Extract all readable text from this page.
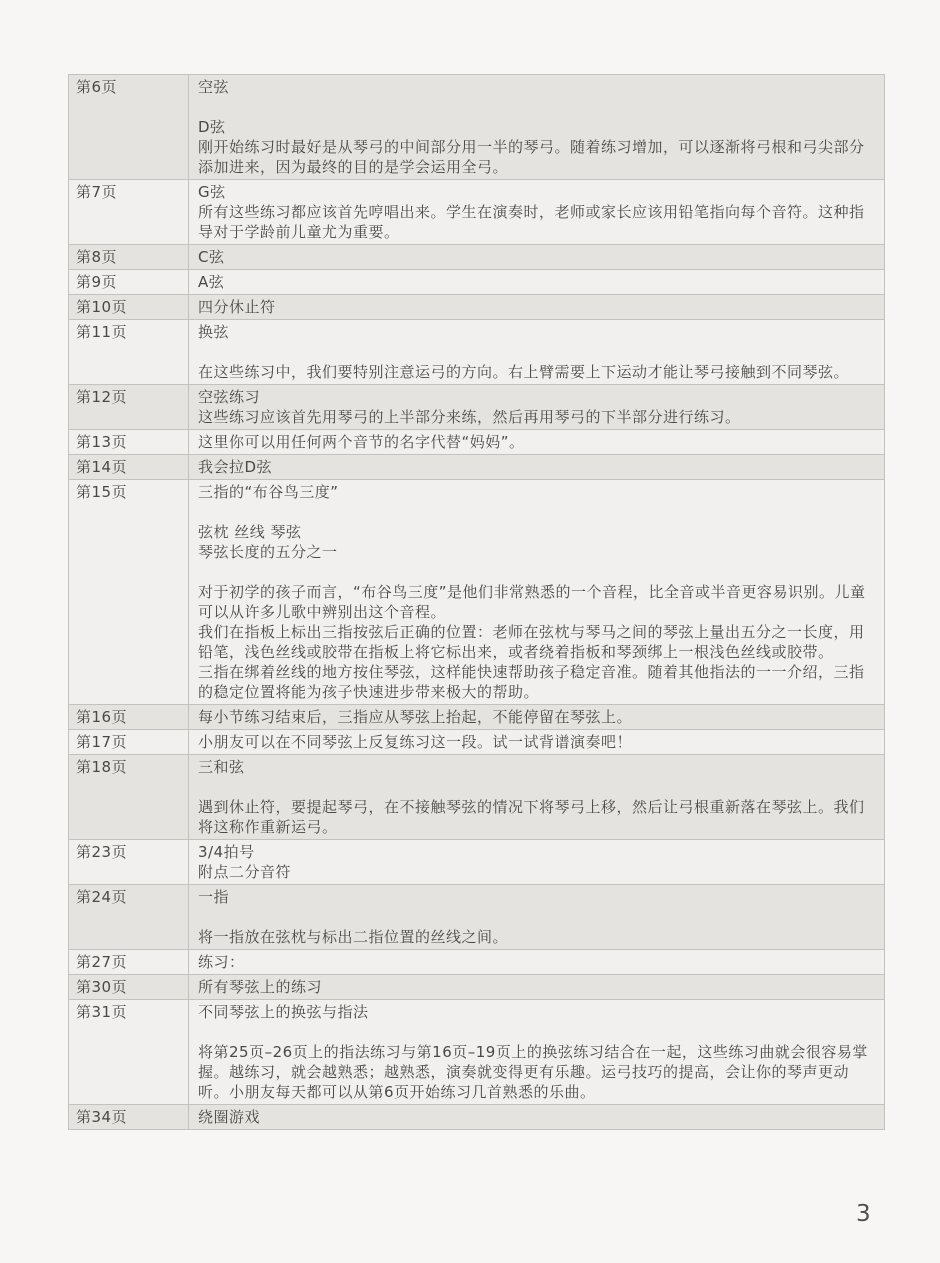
第6页	空弦
D弦
刚开始练习时最好是从琴弓的中间部分用一半的琴弓。随着练习增加，可以逐渐将弓根和弓尖部分添加进来，因为最终的目的是学会运用全弓。
第7页	G弦
所有这些练习都应该首先哼唱出来。学生在演奏时，老师或家长应该用铅笔指向每个音符。这种指导对于学龄前儿童尤为重要。
第8页	C弦
第9页	A弦
第10页	四分休止符
第11页	换弦
在这些练习中，我们要特别注意运弓的方向。右上臂需要上下运动才能让琴弓接触到不同琴弦。
第12页	空弦练习
这些练习应该首先用琴弓的上半部分来练，然后再用琴弓的下半部分进行练习。
第13页	这里你可以用任何两个音节的名字代替“妈妈”。
第14页	我会拉D弦
第15页	三指的“布谷鸟三度”
弦枕 丝线 琴弦
琴弦长度的五分之一
对于初学的孩子而言，“布谷鸟三度”是他们非常熟悉的一个音程，比全音或半音更容易识别。儿童可以从许多儿歌中辨别出这个音程。
我们在指板上标出三指按弦后正确的位置：老师在弦枕与琴马之间的琴弦上量出五分之一长度，用铅笔，浅色丝线或胶带在指板上将它标出来，或者绕着指板和琴颈绑上一根浅色丝线或胶带。
三指在绑着丝线的地方按住琴弦，这样能快速帮助孩子稳定音准。随着其他指法的一一介绍，三指的稳定位置将能为孩子快速进步带来极大的帮助。
第16页	每小节练习结束后，三指应从琴弦上抬起，不能停留在琴弦上。
第17页	小朋友可以在不同琴弦上反复练习这一段。试一试背谱演奏吧！
第18页	三和弦
遇到休止符，要提起琴弓，在不接触琴弦的情况下将琴弓上移，然后让弓根重新落在琴弦上。我们将这称作重新运弓。
第23页	3/4拍号
附点二分音符
第24页	一指
将一指放在弦枕与标出二指位置的丝线之间。
第27页	练习：
第30页	所有琴弦上的练习
第31页	不同琴弦上的换弦与指法
将第25页–26页上的指法练习与第16页–19页上的换弦练习结合在一起，这些练习曲就会很容易掌握。越练习，就会越熟悉；越熟悉，演奏就变得更有乐趣。运弓技巧的提高，会让你的琴声更动听。小朋友每天都可以从第6页开始练习几首熟悉的乐曲。
第34页	绕圈游戏
3
